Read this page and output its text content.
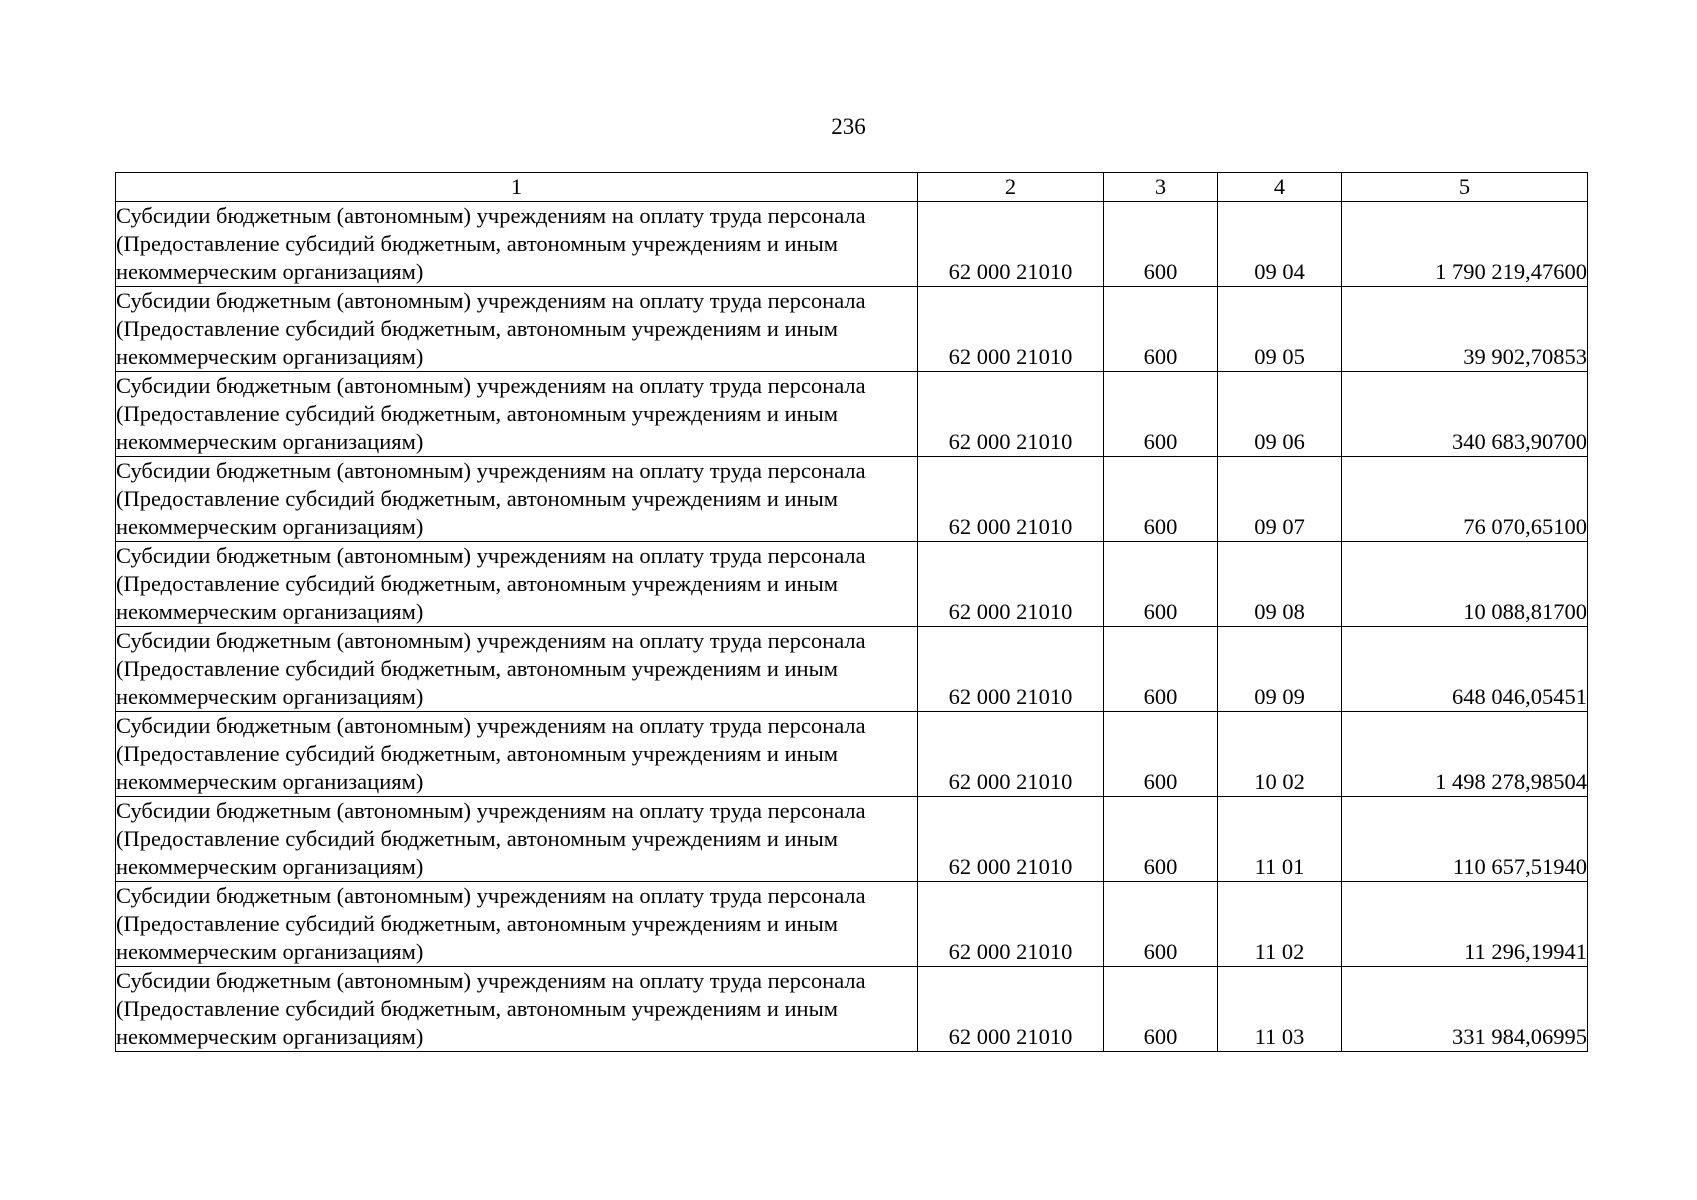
236
1	2	3	4	5
Субсидии бюджетным (автономным) учреждениям на оплату труда персонала (Предоставление субсидий бюджетным, автономным учреждениям и иным некоммерческим организациям)	62 000 21010	600	09 04	1 790 219,47600
Субсидии бюджетным (автономным) учреждениям на оплату труда персонала (Предоставление субсидий бюджетным, автономным учреждениям и иным некоммерческим организациям)	62 000 21010	600	09 05	39 902,70853
Субсидии бюджетным (автономным) учреждениям на оплату труда персонала (Предоставление субсидий бюджетным, автономным учреждениям и иным некоммерческим организациям)	62 000 21010	600	09 06	340 683,90700
Субсидии бюджетным (автономным) учреждениям на оплату труда персонала (Предоставление субсидий бюджетным, автономным учреждениям и иным некоммерческим организациям)	62 000 21010	600	09 07	76 070,65100
Субсидии бюджетным (автономным) учреждениям на оплату труда персонала (Предоставление субсидий бюджетным, автономным учреждениям и иным некоммерческим организациям)	62 000 21010	600	09 08	10 088,81700
Субсидии бюджетным (автономным) учреждениям на оплату труда персонала (Предоставление субсидий бюджетным, автономным учреждениям и иным некоммерческим организациям)	62 000 21010	600	09 09	648 046,05451
Субсидии бюджетным (автономным) учреждениям на оплату труда персонала (Предоставление субсидий бюджетным, автономным учреждениям и иным некоммерческим организациям)	62 000 21010	600	10 02	1 498 278,98504
Субсидии бюджетным (автономным) учреждениям на оплату труда персонала (Предоставление субсидий бюджетным, автономным учреждениям и иным некоммерческим организациям)	62 000 21010	600	11 01	110 657,51940
Субсидии бюджетным (автономным) учреждениям на оплату труда персонала (Предоставление субсидий бюджетным, автономным учреждениям и иным некоммерческим организациям)	62 000 21010	600	11 02	11 296,19941
Субсидии бюджетным (автономным) учреждениям на оплату труда персонала (Предоставление субсидий бюджетным, автономным учреждениям и иным некоммерческим организациям)	62 000 21010	600	11 03	331 984,06995
